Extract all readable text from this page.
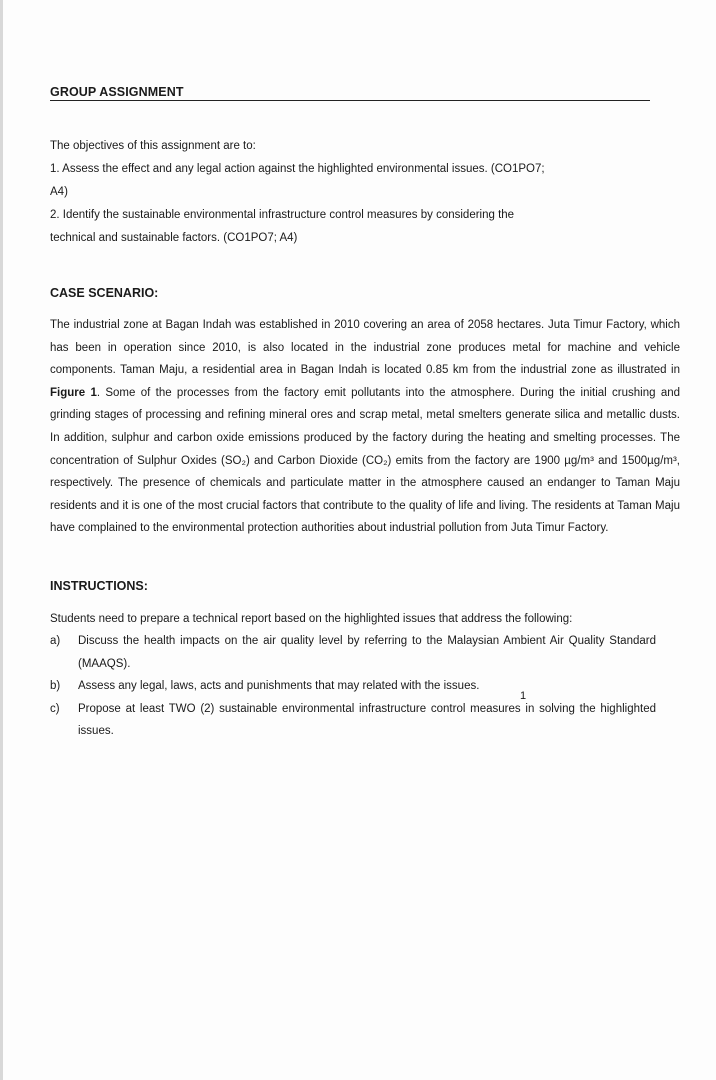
GROUP ASSIGNMENT

The objectives of this assignment are to:

1. Assess the effect and any legal action against the highlighted environmental issues. (CO1PO7;

A4)

2. Identify the sustainable environmental infrastructure control measures by considering the

technical and sustainable factors. (CO1PO7; A4)

CASE SCENARIO:

The industrial zone at Bagan Indah was established in 2010 covering an area of 2058 hectares. Juta Timur Factory, which has been in operation since 2010, is also located in the industrial zone produces metal for machine and vehicle components. Taman Maju, a residential area in Bagan Indah is located 0.85 km from the industrial zone as illustrated in Figure 1. Some of the processes from the factory emit pollutants into the atmosphere. During the initial crushing and grinding stages of processing and refining mineral ores and scrap metal, metal smelters generate silica and metallic dusts. In addition, sulphur and carbon oxide emissions produced by the factory during the heating and smelting processes. The concentration of Sulphur Oxides (SO₂) and Carbon Dioxide (CO₂) emits from the factory are 1900 µg/m³ and 1500µg/m³, respectively. The presence of chemicals and particulate matter in the atmosphere caused an endanger to Taman Maju residents and it is one of the most crucial factors that contribute to the quality of life and living. The residents at Taman Maju have complained to the environmental protection authorities about industrial pollution from Juta Timur Factory.

INSTRUCTIONS:

Students need to prepare a technical report based on the highlighted issues that address the following:

a)	Discuss the health impacts on the air quality level by referring to the Malaysian Ambient Air Quality Standard (MAAQS).
b)	Assess any legal, laws, acts and punishments that may related with the issues.
c)	Propose at least TWO (2) sustainable environmental infrastructure control measures in solving the highlighted issues.
1
